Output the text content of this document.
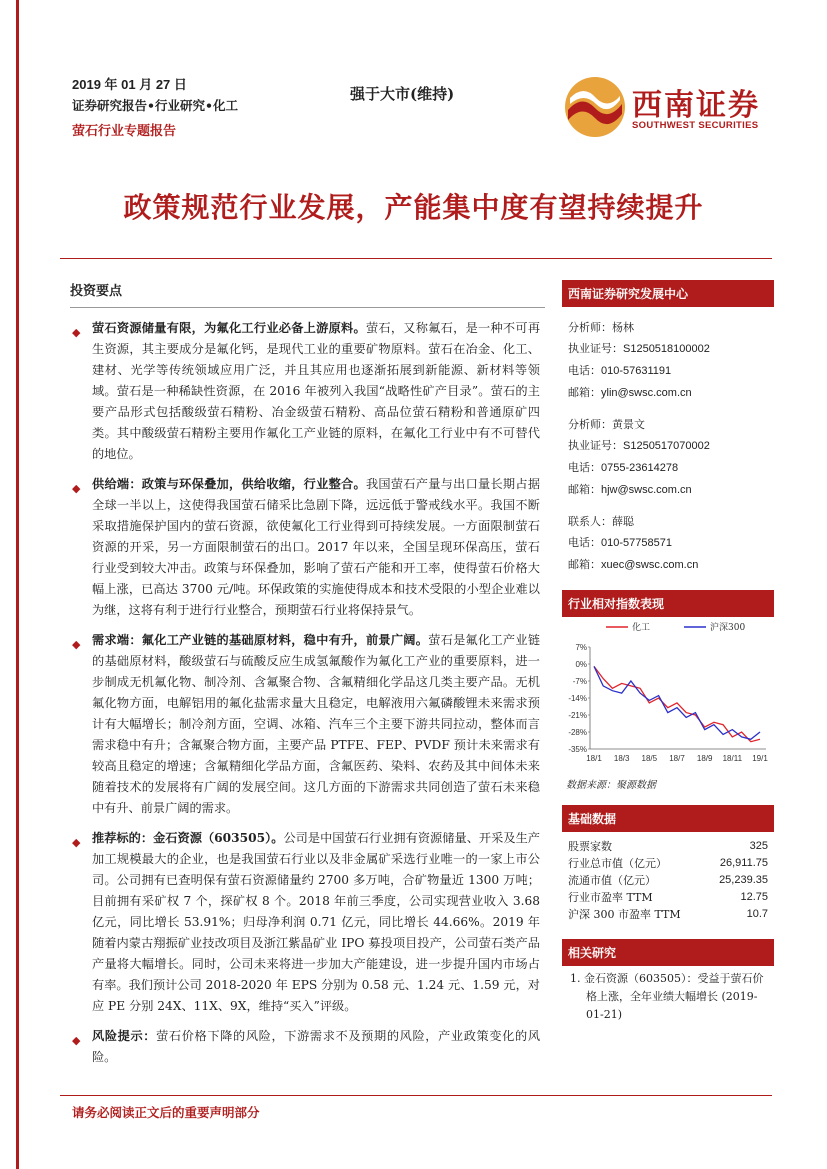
2019 年 01 月 27 日
证券研究报告•行业研究•化工
萤石行业专题报告
强于大市(维持)	西南证券
SOUTHWEST SECURITIES
政策规范行业发展，产能集中度有望持续提升
投资要点
◆ 萤石资源储量有限，为氟化工行业必备上游原料。萤石，又称氟石，是一种不可再生资源，其主要成分是氟化钙，是现代工业的重要矿物原料。萤石在冶金、化工、建材、光学等传统领域应用广泛，并且其应用也逐渐拓展到新能源、新材料等领域。萤石是一种稀缺性资源，在 2016 年被列入我国“战略性矿产目录”。萤石的主要产品形式包括酸级萤石精粉、冶金级萤石精粉、高品位萤石精粉和普通原矿四类。其中酸级萤石精粉主要用作氟化工产业链的原料，在氟化工行业中有不可替代的地位。
◆ 供给端：政策与环保叠加，供给收缩，行业整合。我国萤石产量与出口量长期占据全球一半以上，这使得我国萤石储采比急剧下降，远远低于警戒线水平。我国不断采取措施保护国内的萤石资源，欲使氟化工行业得到可持续发展。一方面限制萤石资源的开采，另一方面限制萤石的出口。2017 年以来，全国呈现环保高压，萤石行业受到较大冲击。政策与环保叠加，影响了萤石产能和开工率，使得萤石价格大幅上涨，已高达 3700 元/吨。环保政策的实施使得成本和技术受限的小型企业难以为继，这将有利于进行行业整合，预期萤石行业将保持景气。
◆ 需求端：氟化工产业链的基础原材料，稳中有升，前景广阔。萤石是氟化工产业链的基础原材料，酸级萤石与硫酸反应生成氢氟酸作为氟化工产业的重要原料，进一步制成无机氟化物、制冷剂、含氟聚合物、含氟精细化学品这几类主要产品。无机氟化物方面，电解铝用的氟化盐需求量大且稳定，电解液用六氟磷酸锂未来需求预计有大幅增长；制冷剂方面，空调、冰箱、汽车三个主要下游共同拉动，整体而言需求稳中有升；含氟聚合物方面，主要产品 PTFE、FEP、PVDF 预计未来需求有较高且稳定的增速；含氟精细化学品方面，含氟医药、染料、农药及其中间体未来随着技术的发展将有广阔的发展空间。这几方面的下游需求共同创造了萤石未来稳中有升、前景广阔的需求。
◆ 推荐标的：金石资源（603505）。公司是中国萤石行业拥有资源储量、开采及生产加工规模最大的企业，也是我国萤石行业以及非金属矿采选行业唯一的一家上市公司。公司拥有已查明保有萤石资源储量约 2700 多万吨，合矿物量近 1300 万吨；目前拥有采矿权 7 个，探矿权 8 个。2018 年前三季度，公司实现营业收入 3.68 亿元，同比增长 53.91%；归母净利润 0.71 亿元，同比增长 44.66%。2019 年随着内蒙古翔振矿业技改项目及浙江紫晶矿业 IPO 募投项目投产，公司萤石类产品产量将大幅增长。同时，公司未来将进一步加大产能建设，进一步提升国内市场占有率。我们预计公司 2018-2020 年 EPS 分别为 0.58 元、1.24 元、1.59 元，对应 PE 分别 24X、11X、9X，维持“买入”评级。
◆ 风险提示：萤石价格下降的风险，下游需求不及预期的风险，产业政策变化的风险。
西南证券研究发展中心
分析师：杨林
执业证号：S1250518100002
电话：010-57631191
邮箱：ylin@swsc.com.cn
分析师：黄景文
执业证号：S1250517070002
电话：0755-23614278
邮箱：hjw@swsc.com.cn
联系人：薛聪
电话：010-57758571
邮箱：xuec@swsc.com.cn
行业相对指数表现
化工	沪深300
7%
0%
-7%
-14%
-21%
-28%
-35%
18/1 18/3 18/5 18/7 18/9 18/11 19/1
数据来源：聚源数据
基础数据
股票家数	325
行业总市值（亿元）	26,911.75
流通市值（亿元）	25,239.35
行业市盈率 TTM	12.75
沪深 300 市盈率 TTM	10.7
相关研究
1. 金石资源（603505）：受益于萤石价格上涨，全年业绩大幅增长 (2019-01-21)
请务必阅读正文后的重要声明部分
